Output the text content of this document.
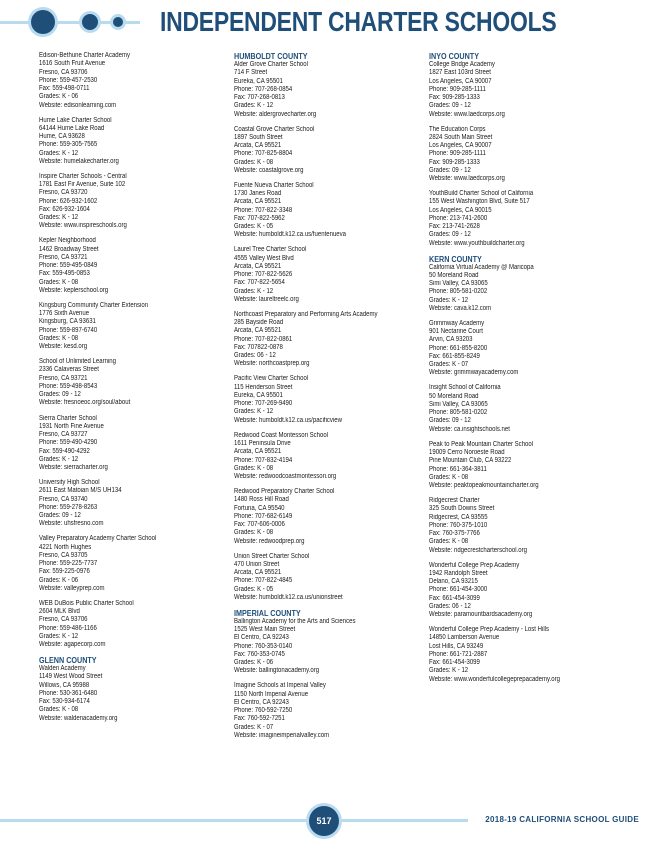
INDEPENDENT CHARTER SCHOOLS
Edison-Bethune Charter Academy
1616 South Fruit Avenue
Fresno, CA 93706
Phone: 559-457-2530
Fax: 559-498-0711
Grades: K - 06
Website: edisonlearning.com
Hume Lake Charter School
64144 Hume Lake Road
Hume, CA 93628
Phone: 559-305-7565
Grades: K - 12
Website: humelakecharter.org
Inspire Charter Schools - Central
1781 East Fir Avenue, Suite 102
Fresno, CA 93720
Phone: 626-932-1602
Fax: 626-932-1604
Grades: K - 12
Website: www.inspireschools.org
Kepler Neighborhood
1462 Broadway Street
Fresno, CA 93721
Phone: 559-495-0849
Fax: 559-495-0853
Grades: K - 08
Website: keplerschool.org
Kingsburg Community Charter Extension
1776 Sixth Avenue
Kingsburg, CA 93631
Phone: 559-897-6740
Grades: K - 08
Website: kesd.org
School of Unlimited Learning
2336 Calaveras Street
Fresno, CA 93721
Phone: 559-498-8543
Grades: 09 - 12
Website: fresnoeoc.org/soul/about
Sierra Charter School
1931 North Fine Avenue
Fresno, CA 93727
Phone: 559-490-4290
Fax: 559-490-4292
Grades: K - 12
Website: sierracharter.org
University High School
2611 East Matoian M/S UH134
Fresno, CA 93740
Phone: 559-278-8263
Grades: 09 - 12
Website: uhsfresno.com
Valley Preparatory Academy Charter School
4221 North Hughes
Fresno, CA 93705
Phone: 559-225-7737
Fax: 559-225-0976
Grades: K - 06
Website: valleyprep.com
WEB DuBois Public Charter School
2604 MLK Blvd
Fresno, CA 93706
Phone: 559-486-1166
Grades: K - 12
Website: agapecorp.com
GLENN COUNTY
Walden Academy
1149 West Wood Street
Willows, CA 95988
Phone: 530-361-6480
Fax: 530-934-6174
Grades: K - 08
Website: waldenacademy.org
HUMBOLDT COUNTY
Alder Grove Charter School
714 F Street
Eureka, CA 95501
Phone: 707-268-0854
Fax: 707-268-0813
Grades: K - 12
Website: aldergrovecharter.org
Coastal Grove Charter School
1897 South Street
Arcata, CA 95521
Phone: 707-825-8804
Grades: K - 08
Website: coastalgrove.org
Fuente Nueva Charter School
1730 Janes Road
Arcata, CA 95521
Phone: 707-822-3348
Fax: 707-822-5962
Grades: K - 05
Website: humboldt.k12.ca.us/fuentenueva
Laurel Tree Charter School
4555 Valley West Blvd
Arcata, CA 95521
Phone: 707-822-5626
Fax: 707-822-5654
Grades: K - 12
Website: laureltreelc.org
Northcoast Preparatory and Performing Arts Academy
285 Bayside Road
Arcata, CA 95521
Phone: 707-822-0861
Fax: 707822-0878
Grades: 06 - 12
Website: northcoastprep.org
Pacific View Charter School
115 Henderson Street
Eureka, CA 95501
Phone: 707-269-9490
Grades: K - 12
Website: humboldt.k12.ca.us/pacificview
Redwood Coast Montessori School
1611 Peninsula Drive
Arcata, CA 95521
Phone: 707-832-4194
Grades: K - 08
Website: redwoodcoastmontessori.org
Redwood Preparatory Charter School
1480 Ross Hill Road
Fortuna, CA 95540
Phone: 707-682-6149
Fax: 707-606-0006
Grades: K - 08
Website: redwoodprep.org
Union Street Charter School
470 Union Street
Arcata, CA 95521
Phone: 707-822-4845
Grades: K - 05
Website: humboldt.k12.ca.us/unionstreet
IMPERIAL COUNTY
Ballington Academy for the Arts and Sciences
1525 West Main Street
El Centro, CA 92243
Phone: 760-353-0140
Fax: 760-353-0745
Grades: K - 06
Website: ballingtonacademy.org
Imagine Schools at Imperial Valley
1150 North Imperial Avenue
El Centro, CA 92243
Phone: 760-592-7250
Fax: 760-592-7251
Grades: K - 07
Website: imagineimperialvalley.com
INYO COUNTY
College Bridge Academy
1827 East 103rd Street
Los Angeles, CA 90007
Phone: 909-285-1111
Fax: 909-285-1333
Grades: 09 - 12
Website: www.laedcorps.org
The Education Corps
2824 South Main Street
Los Angeles, CA 90007
Phone: 909-285-1111
Fax: 909-285-1333
Grades: 09 - 12
Website: www.laedcorps.org
YouthBuild Charter School of California
155 West Washington Blvd, Suite 517
Los Angeles, CA 90015
Phone: 213-741-2600
Fax: 213-741-2628
Grades: 09 - 12
Website: www.youthbuildcharter.org
KERN COUNTY
California Virtual Academy @ Maricopa
50 Moreland Road
Simi Valley, CA 93065
Phone: 805-581-0202
Grades: K - 12
Website: cava.k12.com
Grimmway Academy
901 Nectarine Court
Arvin, CA 93203
Phone: 661-855-8200
Fax: 661-855-8249
Grades: K - 07
Website: grimmwayacademy.com
Insight School of California
50 Moreland Road
Simi Valley, CA 93065
Phone: 805-581-0202
Grades: 09 - 12
Website: ca.insightschools.net
Peak to Peak Mountain Charter School
19009 Cerro Noroeste Road
Pine Mountain Club, CA 93222
Phone: 661-364-3811
Grades: K - 08
Website: peaktopeakmountaincharter.org
Ridgecrest Charter
325 South Downs Street
Ridgecrest, CA 93555
Phone: 760-375-1010
Fax: 760-375-7766
Grades: K - 08
Website: ridgecrestcharterschool.org
Wonderful College Prep Academy
1942 Randolph Street
Delano, CA 93215
Phone: 661-454-3000
Fax: 661-454-3099
Grades: 06 - 12
Website: paramountbardsacademy.org
Wonderful College Prep Academy - Lost Hills
14850 Lamberson Avenue
Lost Hills, CA 93249
Phone: 661-721-2887
Fax: 661-454-3099
Grades: K - 12
Website: www.wonderfulcollegeprepacademy.org
517	2018-19 CALIFORNIA SCHOOL GUIDE
